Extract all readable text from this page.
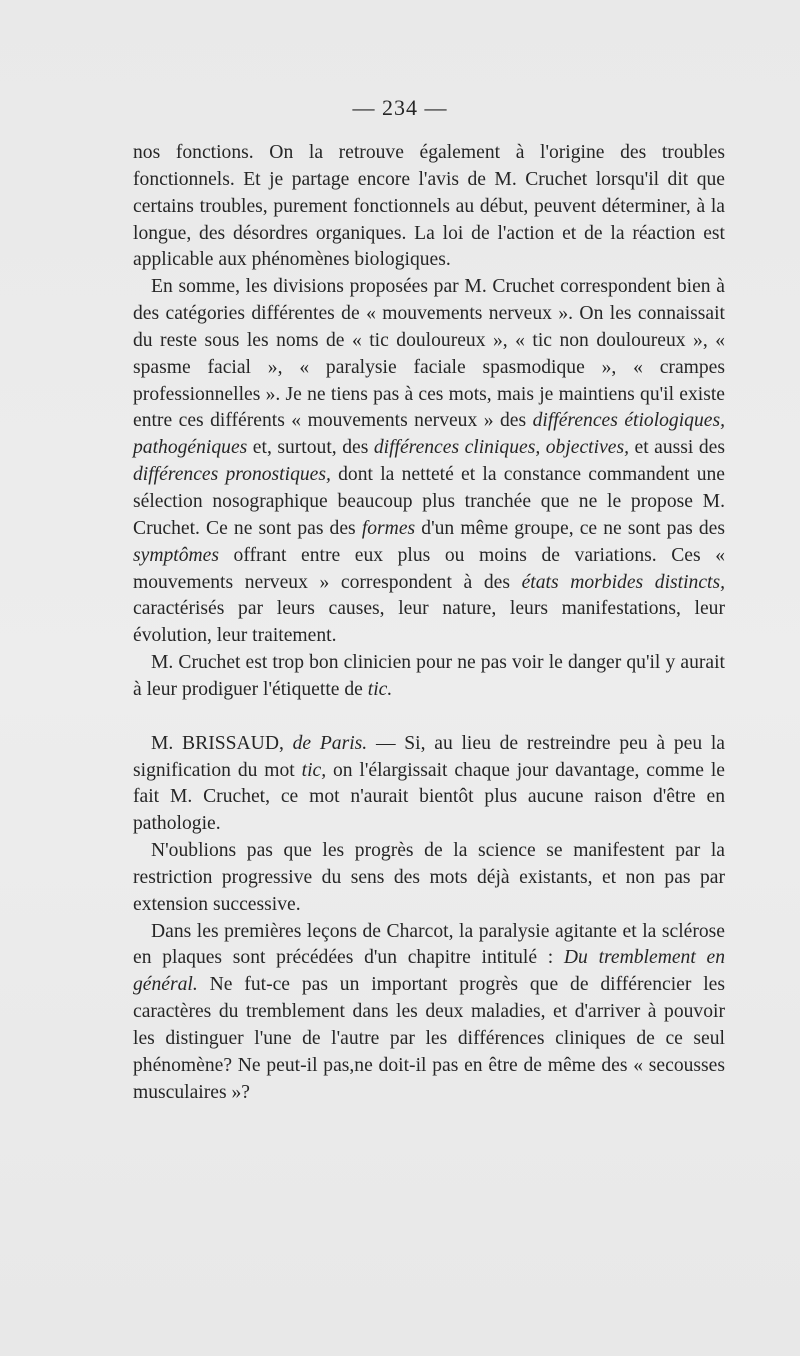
— 234 —

nos fonctions. On la retrouve également à l'origine des troubles fonctionnels. Et je partage encore l'avis de M. Cruchet lorsqu'il dit que certains troubles, purement fonctionnels au début, peuvent déterminer, à la longue, des désordres organiques. La loi de l'action et de la réaction est applicable aux phénomènes biologiques.

En somme, les divisions proposées par M. Cruchet correspondent bien à des catégories différentes de « mouvements nerveux ». On les connaissait du reste sous les noms de « tic douloureux », « tic non douloureux », « spasme facial », « paralysie faciale spasmodique », « crampes professionnelles ». Je ne tiens pas à ces mots, mais je maintiens qu'il existe entre ces différents « mouvements nerveux » des différences étiologiques, pathogéniques et, surtout, des différences cliniques, objectives, et aussi des différences pronostiques, dont la netteté et la constance commandent une sélection nosographique beaucoup plus tranchée que ne le propose M. Cruchet. Ce ne sont pas des formes d'un même groupe, ce ne sont pas des symptômes offrant entre eux plus ou moins de variations. Ces « mouvements nerveux » correspondent à des états morbides distincts, caractérisés par leurs causes, leur nature, leurs manifestations, leur évolution, leur traitement.

M. Cruchet est trop bon clinicien pour ne pas voir le danger qu'il y aurait à leur prodiguer l'étiquette de tic.

M. BRISSAUD, de Paris. — Si, au lieu de restreindre peu à peu la signification du mot tic, on l'élargissait chaque jour davantage, comme le fait M. Cruchet, ce mot n'aurait bientôt plus aucune raison d'être en pathologie.

N'oublions pas que les progrès de la science se manifestent par la restriction progressive du sens des mots déjà existants, et non pas par extension successive.

Dans les premières leçons de Charcot, la paralysie agitante et la sclérose en plaques sont précédées d'un chapitre intitulé : Du tremblement en général. Ne fut-ce pas un important progrès que de différencier les caractères du tremblement dans les deux maladies, et d'arriver à pouvoir les distinguer l'une de l'autre par les différences cliniques de ce seul phénomène? Ne peut-il pas,ne doit-il pas en être de même des « secousses musculaires »?
